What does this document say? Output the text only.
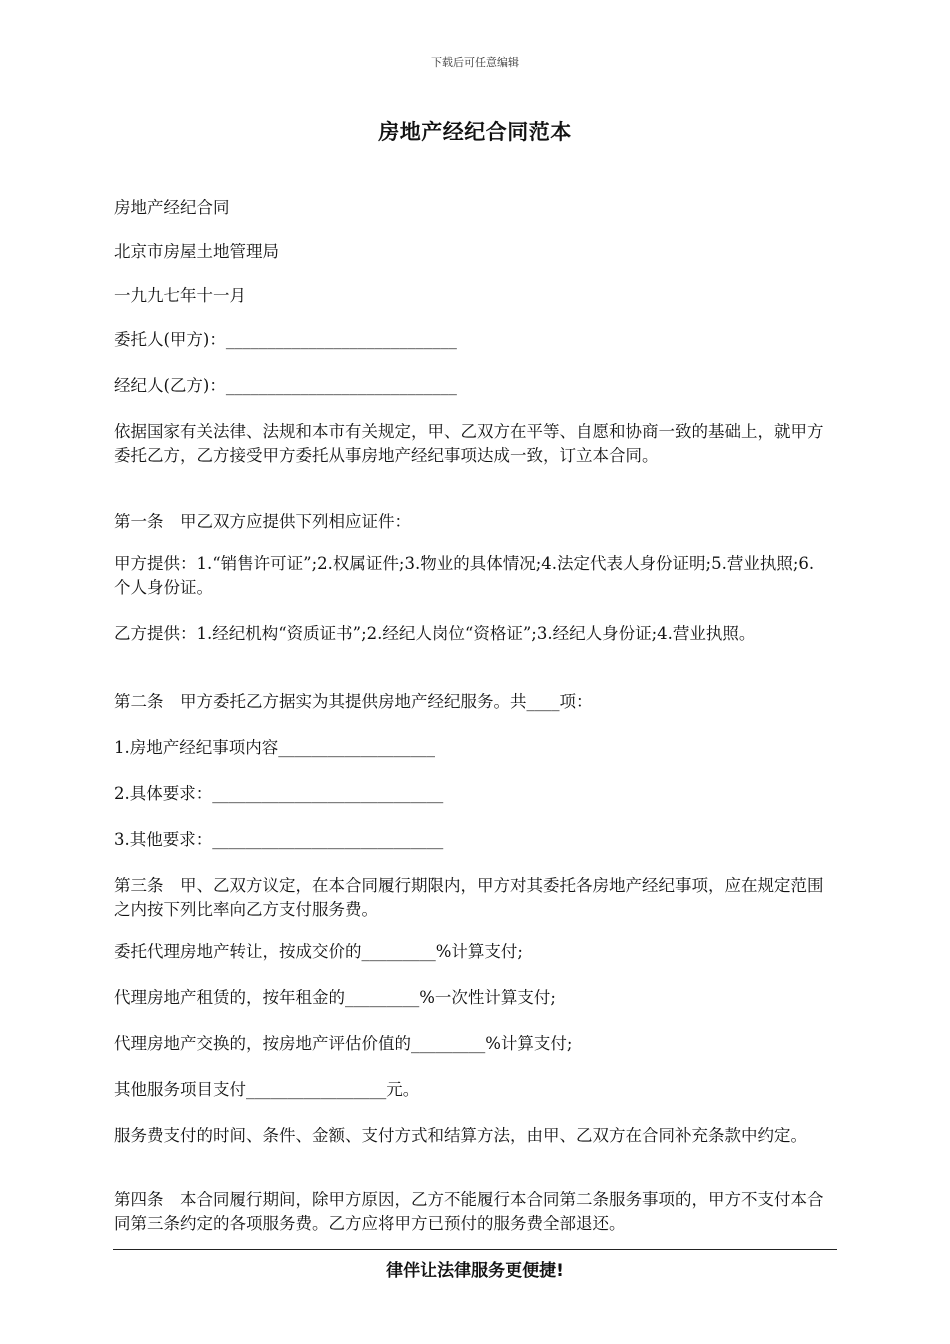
下载后可任意编辑
房地产经纪合同范本

房地产经纪合同

北京市房屋土地管理局

一九九七年十一月

委托人(甲方)：____________________________

经纪人(乙方)：____________________________

依据国家有关法律、法规和本市有关规定，甲、乙双方在平等、自愿和协商一致的基础上，就甲方委托乙方，乙方接受甲方委托从事房地产经纪事项达成一致，订立本合同。

第一条　甲乙双方应提供下列相应证件：

甲方提供：1.“销售许可证”;2.权属证件;3.物业的具体情况;4.法定代表人身份证明;5.营业执照;6.个人身份证。

乙方提供：1.经纪机构“资质证书”;2.经纪人岗位“资格证”;3.经纪人身份证;4.营业执照。

第二条　甲方委托乙方据实为其提供房地产经纪服务。共____项：

1.房地产经纪事项内容___________________

2.具体要求：____________________________

3.其他要求：____________________________

第三条　甲、乙双方议定，在本合同履行期限内，甲方对其委托各房地产经纪事项，应在规定范围之内按下列比率向乙方支付服务费。

委托代理房地产转让，按成交价的_________%计算支付;

代理房地产租赁的，按年租金的_________%一次性计算支付;

代理房地产交换的，按房地产评估价值的_________%计算支付;

其他服务项目支付_________________元。

服务费支付的时间、条件、金额、支付方式和结算方法，由甲、乙双方在合同补充条款中约定。

第四条　本合同履行期间，除甲方原因，乙方不能履行本合同第二条服务事项的，甲方不支付本合同第三条约定的各项服务费。乙方应将甲方已预付的服务费全部退还。

律伴让法律服务更便捷!
